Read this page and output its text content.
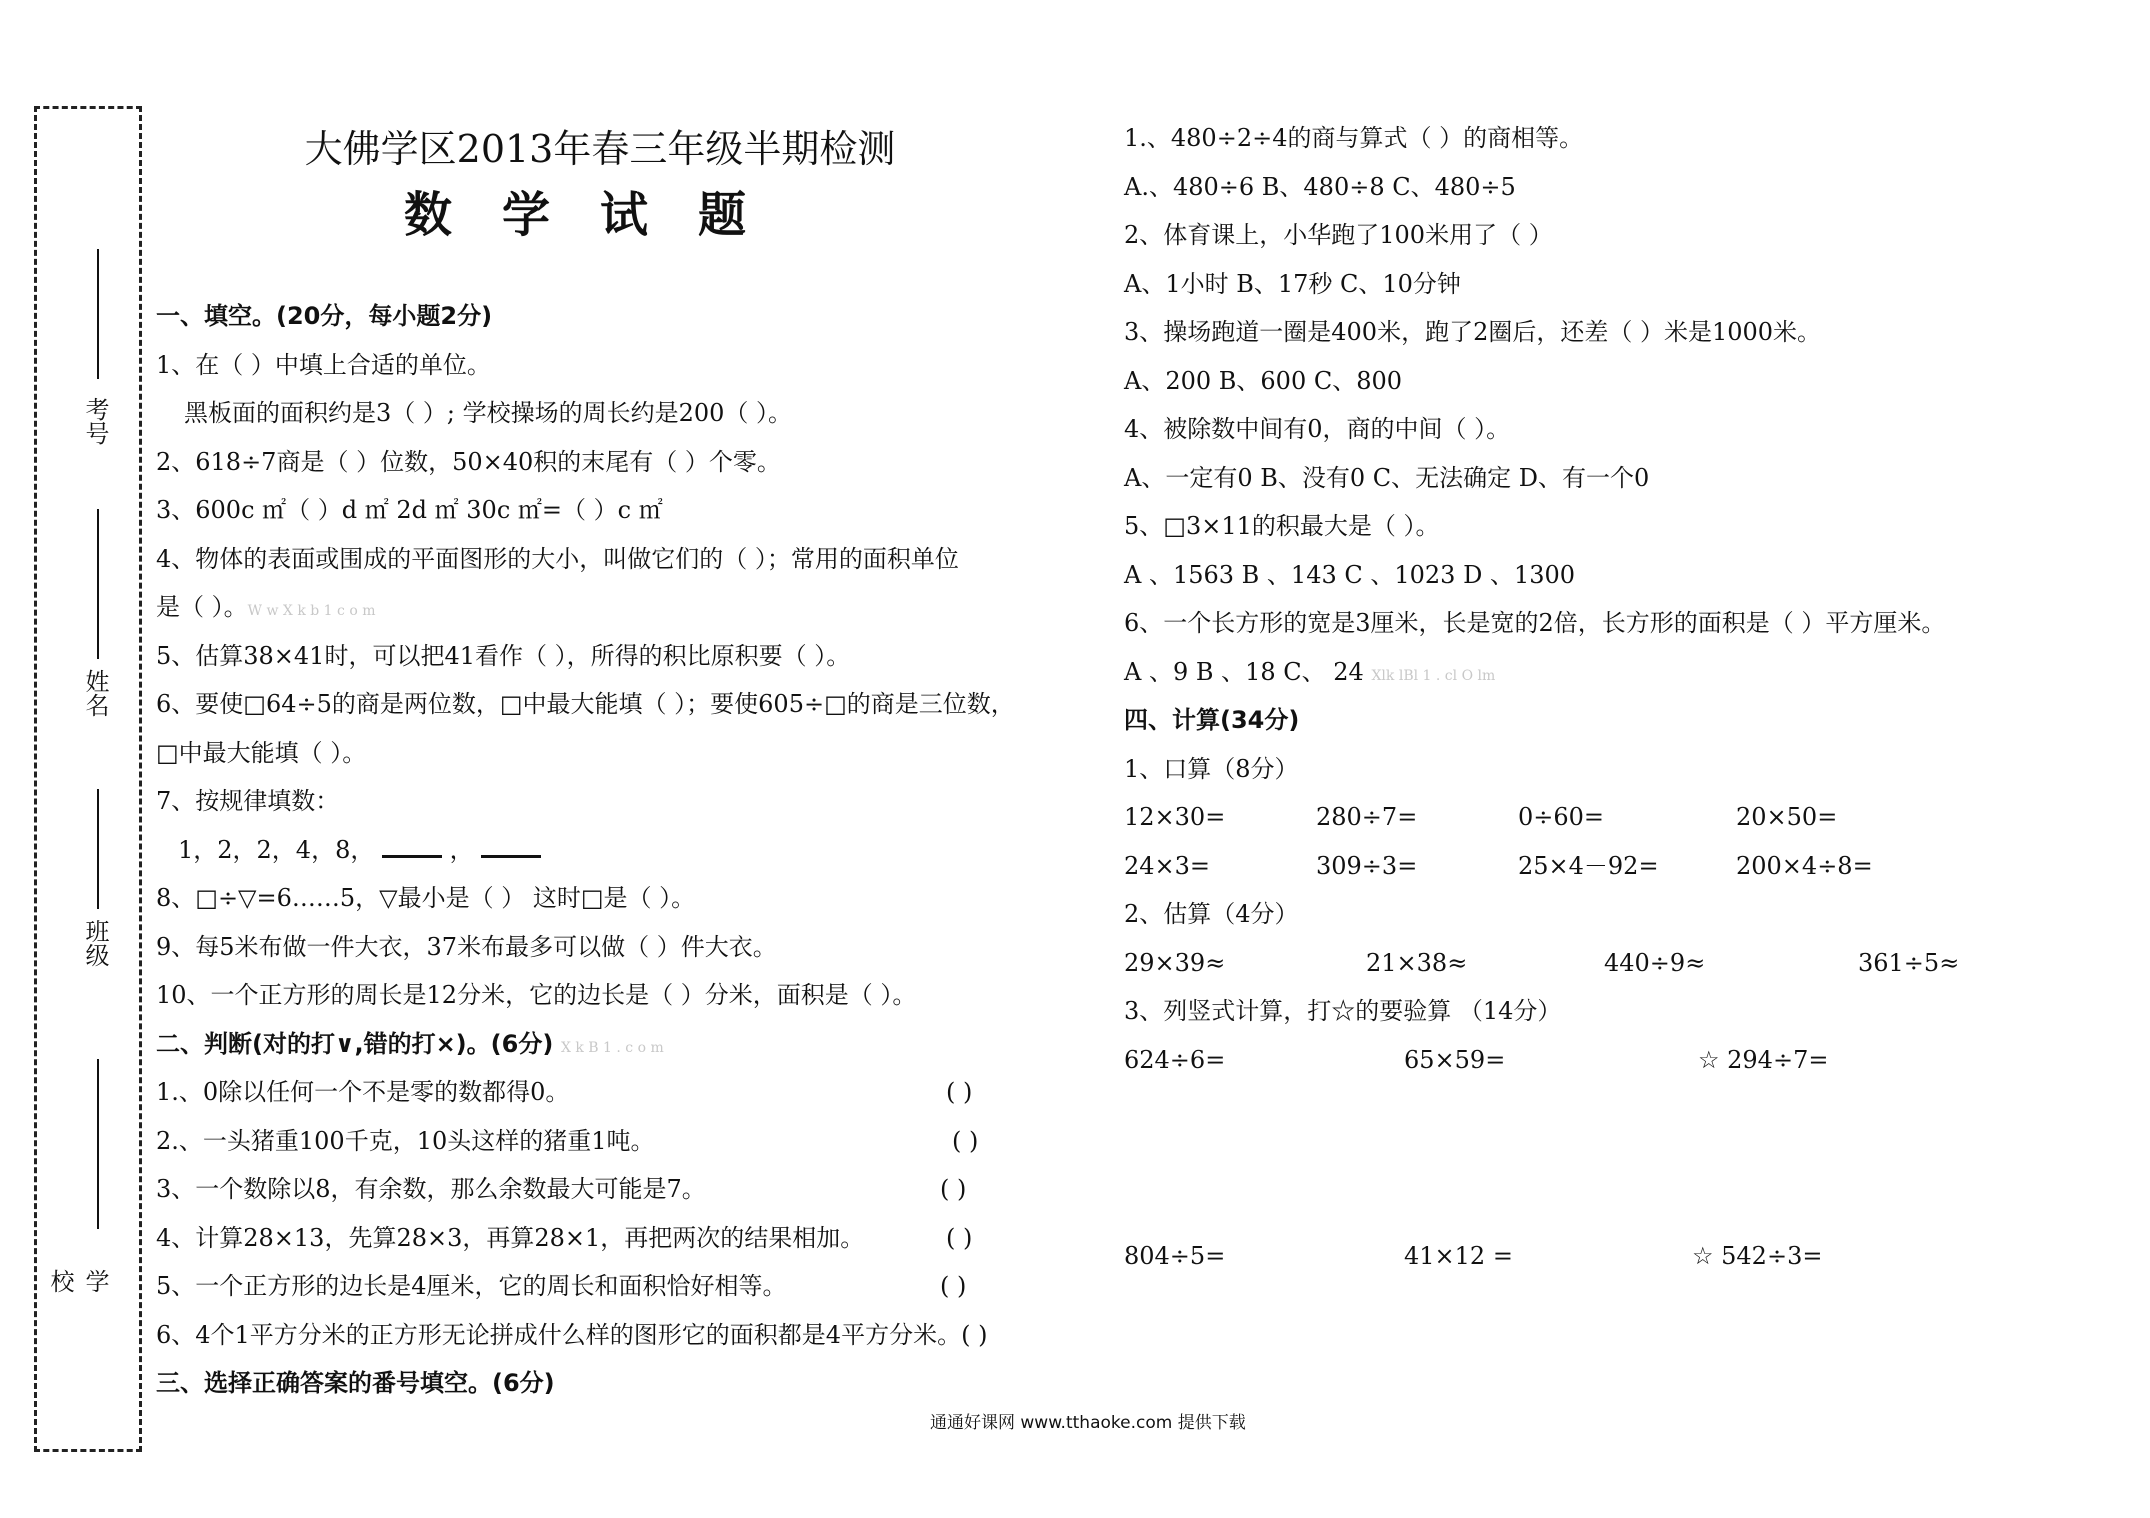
考号
姓名
班级
学校
大佛学区2013年春三年级半期检测
数学试题
一、填空。(20分，每小题2分)
1、在（ ）中填上合适的单位。
黑板面的面积约是3（ ）; 学校操场的周长约是200（ ）。
2、618÷7商是（ ）位数，50×40积的末尾有（ ）个零。
3、600c ㎡（ ）d ㎡ 2d ㎡ 30c ㎡=（ ）c ㎡
4、物体的表面或围成的平面图形的大小，叫做它们的（ ）；常用的面积单位
是（ ）。W w X k b 1 c o m
5、估算38×41时，可以把41看作（ ），所得的积比原积要（ ）。
6、要使□64÷5的商是两位数，□中最大能填（ ）；要使605÷□的商是三位数，
□中最大能填（ ）。
7、按规律填数：
1，2，2，4，8，	，
8、□÷▽=6……5，▽最小是（ ） 这时□是（ ）。
9、每5米布做一件大衣，37米布最多可以做（ ）件大衣。
10、一个正方形的周长是12分米，它的边长是（ ）分米，面积是（ ）。
二、判断(对的打∨,错的打×)。(6分) X k B 1 . c o m
1.、0除以任何一个不是零的数都得0。	( )
2.、一头猪重100千克，10头这样的猪重1吨。	( )
3、一个数除以8，有余数，那么余数最大可能是7。	( )
4、计算28×13，先算28×3，再算28×1，再把两次的结果相加。	( )
5、一个正方形的边长是4厘米，它的周长和面积恰好相等。	( )
6、4个1平方分米的正方形无论拼成什么样的图形它的面积都是4平方分米。( )
三、选择正确答案的番号填空。(6分)
1.、480÷2÷4的商与算式（ ）的商相等。
A.、480÷6 B、480÷8 C、480÷5
2、体育课上，小华跑了100米用了（ ）
A、1小时 B、17秒 C、10分钟
3、操场跑道一圈是400米，跑了2圈后，还差（ ）米是1000米。
A、200 B、600 C、800
4、被除数中间有0，商的中间（ ）。
A、一定有0 B、没有0 C、无法确定 D、有一个0
5、□3×11的积最大是（ ）。
A 、1563 B 、143 C 、1023 D 、1300
6、一个长方形的宽是3厘米，长是宽的2倍，长方形的面积是（ ）平方厘米。
A 、9 B 、18 C、 24 Xlk lBl 1 . cl O lm
四、计算(34分)
1、口算（8分）
12×30=	280÷7=	0÷60=	20×50=
24×3=	309÷3=	25×4－92=	200×4÷8=
2、估算（4分）
29×39≈	21×38≈	440÷9≈	361÷5≈
3、列竖式计算，打☆的要验算 （14分）
624÷6=	65×59=	☆ 294÷7=
804÷5=	41×12 =	☆ 542÷3=
通通好课网 www.tthaoke.com 提供下载
